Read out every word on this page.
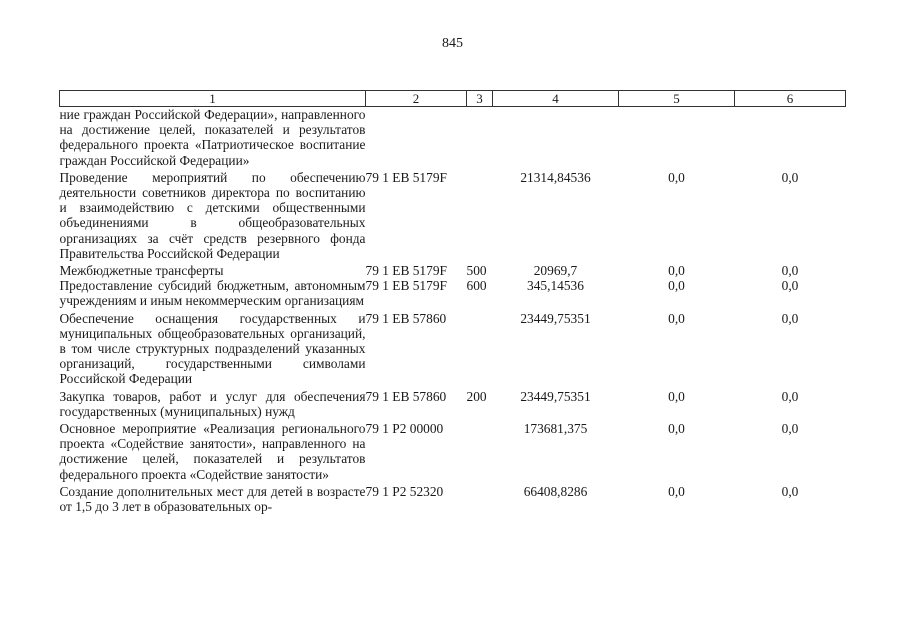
845
1	2	3	4	5	6
ние граждан Российской Федерации», направленного на достижение целей, показателей и результатов федерального проекта «Патриотическое воспитание граждан Российской Федерации»					
Проведение мероприятий по обеспечению деятельности советников директора по воспитанию и взаимодействию с детскими общественными объединениями в общеобразовательных организациях за счёт средств резервного фонда Правительства Российской Федерации	79 1 ЕВ 5179F		21314,84536	0,0	0,0
Межбюджетные трансферты	79 1 ЕВ 5179F	500	20969,7	0,0	0,0
Предоставление субсидий бюджетным, автономным учреждениям и иным некоммерческим организациям	79 1 ЕВ 5179F	600	345,14536	0,0	0,0
Обеспечение оснащения государственных и муниципальных общеобразовательных организаций, в том числе структурных подразделений указанных организаций, государственными символами Российской Федерации	79 1 ЕВ 57860		23449,75351	0,0	0,0
Закупка товаров, работ и услуг для обеспечения государственных (муниципальных) нужд	79 1 ЕВ 57860	200	23449,75351	0,0	0,0
Основное мероприятие «Реализация регионального проекта «Содействие занятости», направленного на достижение целей, показателей и результатов федерального проекта «Содействие занятости»	79 1 Р2 00000		173681,375	0,0	0,0
Создание дополнительных мест для детей в возрасте от 1,5 до 3 лет в образовательных ор-	79 1 Р2 52320		66408,8286	0,0	0,0
